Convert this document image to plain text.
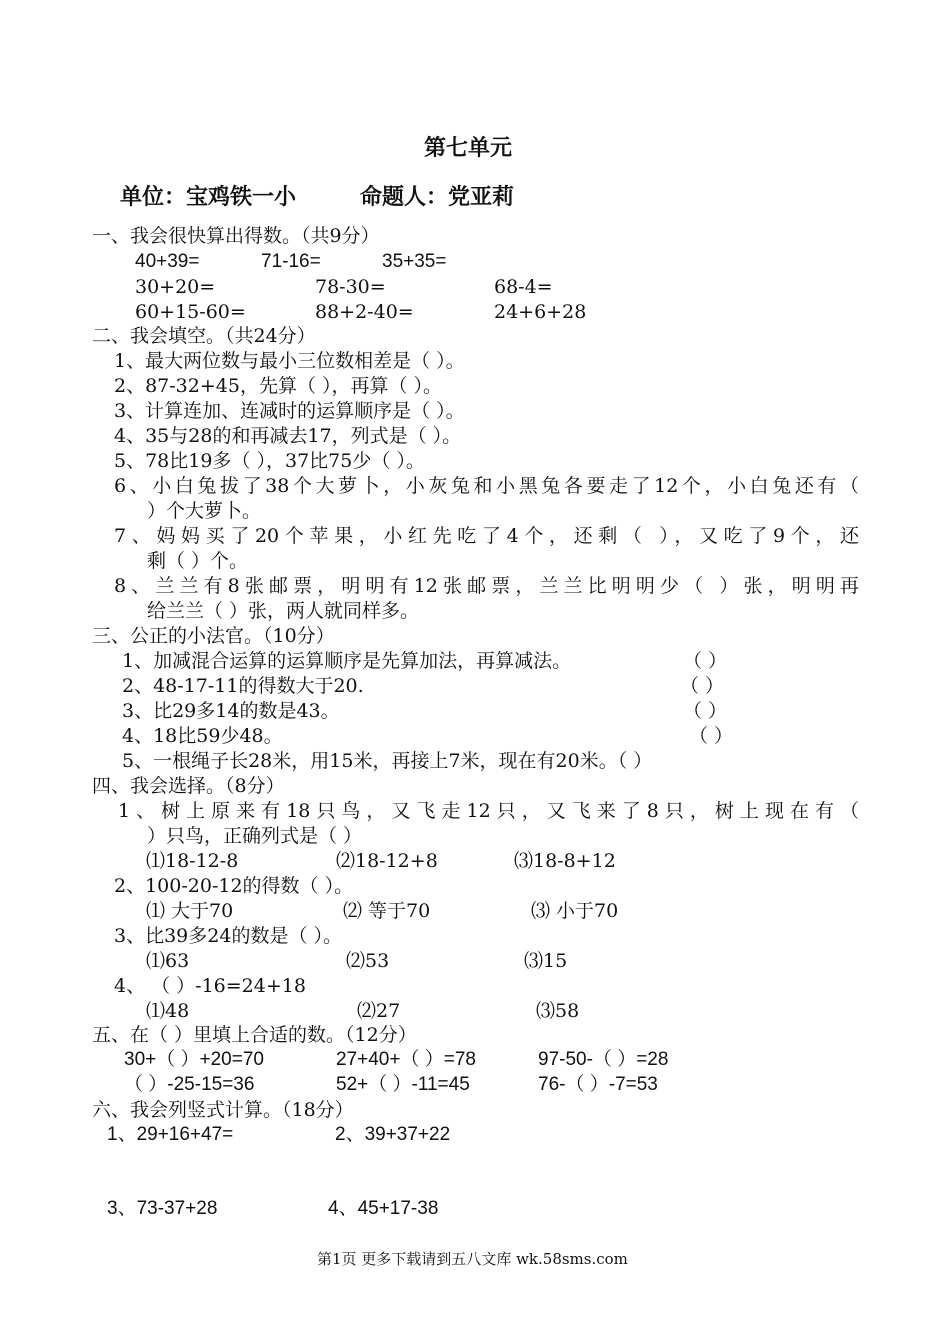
第七单元
单位：宝鸡铁一小	命题人：党亚莉
一、我会很快算出得数。（共9分）
40+39=	71-16=	35+35=
30+20=	78-30=	68-4=
60+15-60=	88+2-40=	24+6+28
二、我会填空。（共24分）
1、最大两位数与最小三位数相差是（ ）。
2、87-32+45，先算（ ），再算（ ）。
3、计算连加、连减时的运算顺序是（ ）。
4、35与28的和再减去17，列式是（ ）。
5、78比19多（ ），37比75少（ ）。
6、小白兔拔了38个大萝卜，小灰兔和小黑兔各要走了12个，小白兔还有（
）个大萝卜。
7、妈妈买了20个苹果，小红先吃了4个，还剩（ ），又吃了9个，还
剩（ ）个。
8、兰兰有8张邮票，明明有12张邮票，兰兰比明明少（ ）张，明明再
给兰兰（ ）张，两人就同样多。
三、公正的小法官。（10分）
1、加减混合运算的运算顺序是先算加法，再算减法。	（ ）
2、48-17-11的得数大于20.	（ ）
3、比29多14的数是43。	（ ）
4、18比59少48。	（ ）
5、一根绳子长28米，用15米，再接上7米，现在有20米。（ ）
四、我会选择。（8分）
1、树上原来有18只鸟，又飞走12只，又飞来了8只，树上现在有（
）只鸟，正确列式是（ ）
⑴18-12-8	⑵18-12+8	⑶18-8+12
2、100-20-12的得数（ ）。
⑴ 大于70	⑵ 等于70	⑶ 小于70
3、比39多24的数是（ ）。
⑴63	⑵53	⑶15
4、 （ ）-16=24+18
⑴48	⑵27	⑶58
五、在（ ）里填上合适的数。（12分）
30+（ ）+20=70	27+40+（ ）=78	97-50-（ ）=28
（ ）-25-15=36	52+（ ）-11=45	76-（ ）-7=53
六、我会列竖式计算。（18分）
1、29+16+47=	2、39+37+22
3、73-37+28	4、45+17-38
第1页 更多下载请到五八文库 wk.58sms.com
